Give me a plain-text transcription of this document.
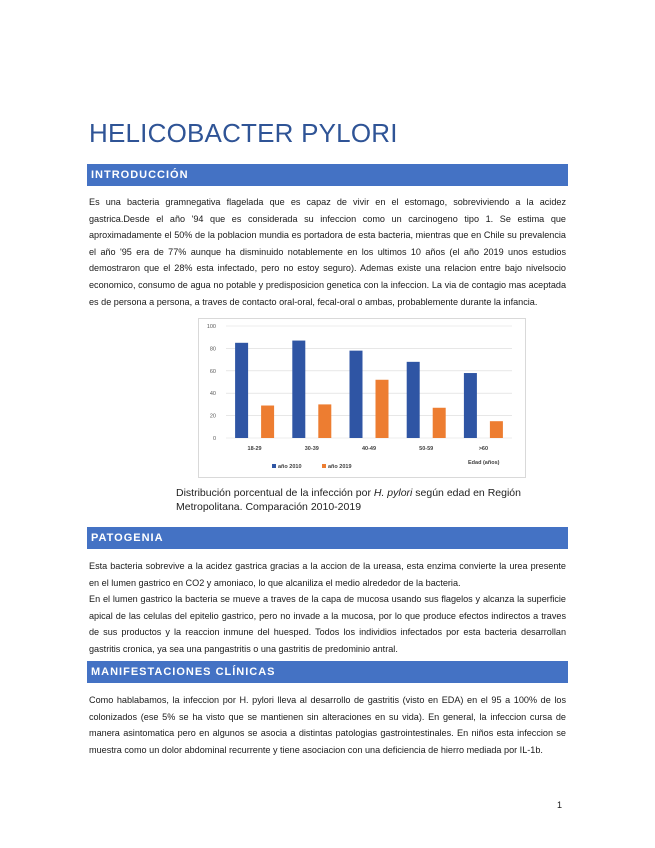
HELICOBACTER PYLORI
INTRODUCCIÓN

Es una bacteria gramnegativa flagelada que es capaz de vivir en el estomago, sobreviviendo a la acidez gastrica.Desde el año '94 que es considerada su infeccion como un carcinogeno tipo 1. Se estima que aproximadamente el 50% de la poblacion mundia es portadora de esta bacteria, mientras que en Chile su prevalencia el año '95 era de 77% aunque ha disminuido notablemente en los ultimos 10 años (el año 2019 unos estudios demostraron que el 28% esta infectado, pero no estoy seguro). Ademas existe una relacion entre bajo nivelsocio economico, consumo de agua no potable y predisposicion genetica con la infeccion. La via de contagio mas aceptada es de persona a persona, a traves de contacto oral-oral, fecal-oral o ambas, probablemente durante la infancia.

0
20
40
60
80
100
18-29	30-39	40-49	50-59	>60
Edad (años)
año 2010	año 2019

Distribución porcentual de la infección por H. pylori según edad en Región
Metropolitana. Comparación 2010-2019

PATOGENIA

Esta bacteria sobrevive a la acidez gastrica gracias a la accion de la ureasa, esta enzima convierte la urea presente en el lumen gastrico en CO2 y amoniaco, lo que alcaniliza el medio alrededor de la bacteria.

En el lumen gastrico la bacteria se mueve a traves de la capa de mucosa usando sus flagelos y alcanza la superficie apical de las celulas del epitelio gastrico, pero no invade a la mucosa, por lo que produce efectos indirectos a traves de sus productos y la reaccion inmune del huesped. Todos los individios infectados por esta bacteria desarrollan gastritis cronica, ya sea una pangastritis o una gastritis de predominio antral.

MANIFESTACIONES CLÍNICAS

Como hablabamos, la infeccion por H. pylori lleva al desarrollo de gastritis (visto en EDA) en el 95 a 100% de los colonizados (ese 5% se ha visto que se mantienen sin alteraciones en su vida). En general, la infeccion cursa de manera asintomatica pero en algunos se asocia a distintas patologias gastrointestinales. En niños esta infeccion se muestra como un dolor abdominal recurrente y tiene asociacion con una deficiencia de hierro mediada por IL-1b.

1
